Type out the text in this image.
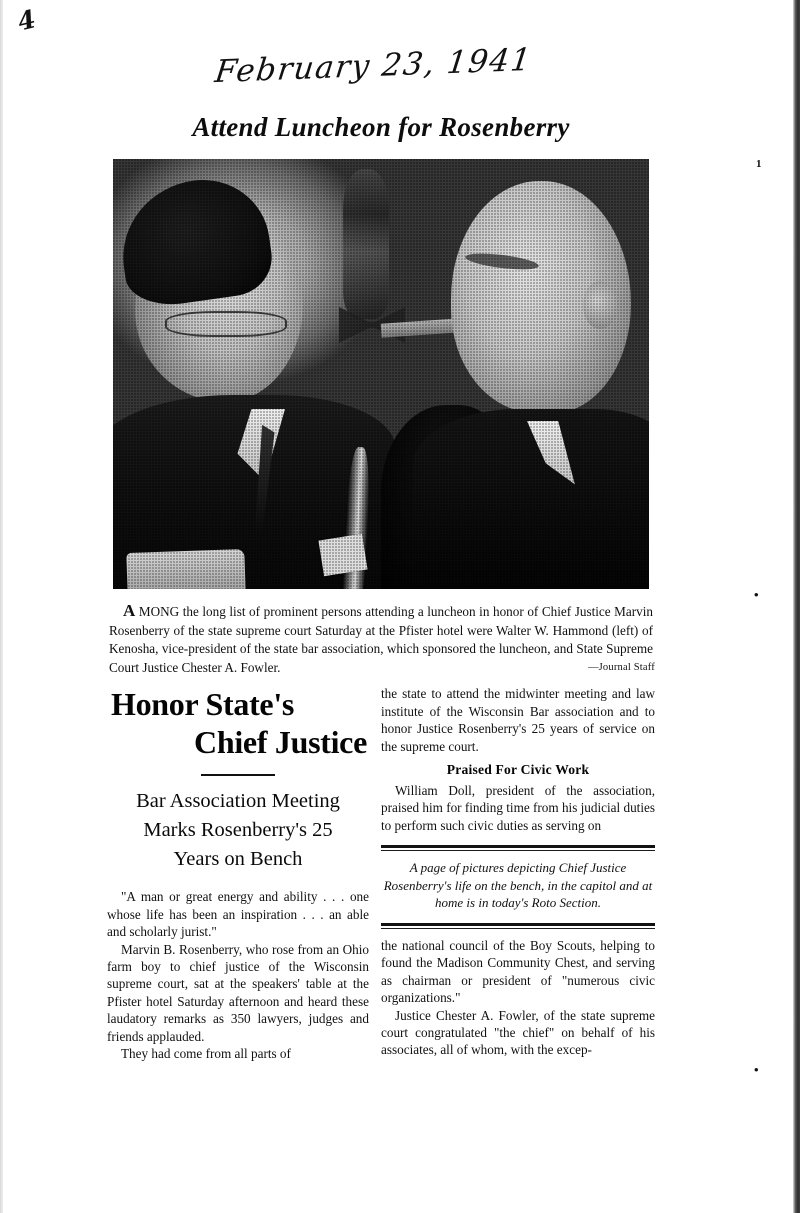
4
February 23, 1941
1
•
•
Attend Luncheon for Rosenberry
A MONG the long list of prominent persons attending a luncheon in honor of Chief Justice Marvin Rosenberry of the state supreme court Saturday at the Pfister hotel were Walter W. Hammond (left) of Kenosha, vice-president of the state bar association, which sponsored the luncheon, and State Supreme Court Justice Chester A. Fowler.	—Journal Staff
Honor State's
Chief Justice
Bar Association Meeting
Marks Rosenberry's 25
Years on Bench

"A man or great energy and ability . . . one whose life has been an inspiration . . . an able and scholarly jurist."

Marvin B. Rosenberry, who rose from an Ohio farm boy to chief justice of the Wisconsin supreme court, sat at the speakers' table at the Pfister hotel Saturday afternoon and heard these laudatory remarks as 350 lawyers, judges and friends applauded.

They had come from all parts of

the state to attend the midwinter meeting and law institute of the Wisconsin Bar association and to honor Justice Rosenberry's 25 years of service on the supreme court.

Praised For Civic Work

William Doll, president of the association, praised him for finding time from his judicial duties to perform such civic duties as serving on

A page of pictures depicting Chief Justice Rosenberry's life on the bench, in the capitol and at home is in today's Roto Section.

the national council of the Boy Scouts, helping to found the Madison Community Chest, and serving as chairman or president of "numerous civic organizations."

Justice Chester A. Fowler, of the state supreme court congratulated "the chief" on behalf of his associates, all of whom, with the excep-
